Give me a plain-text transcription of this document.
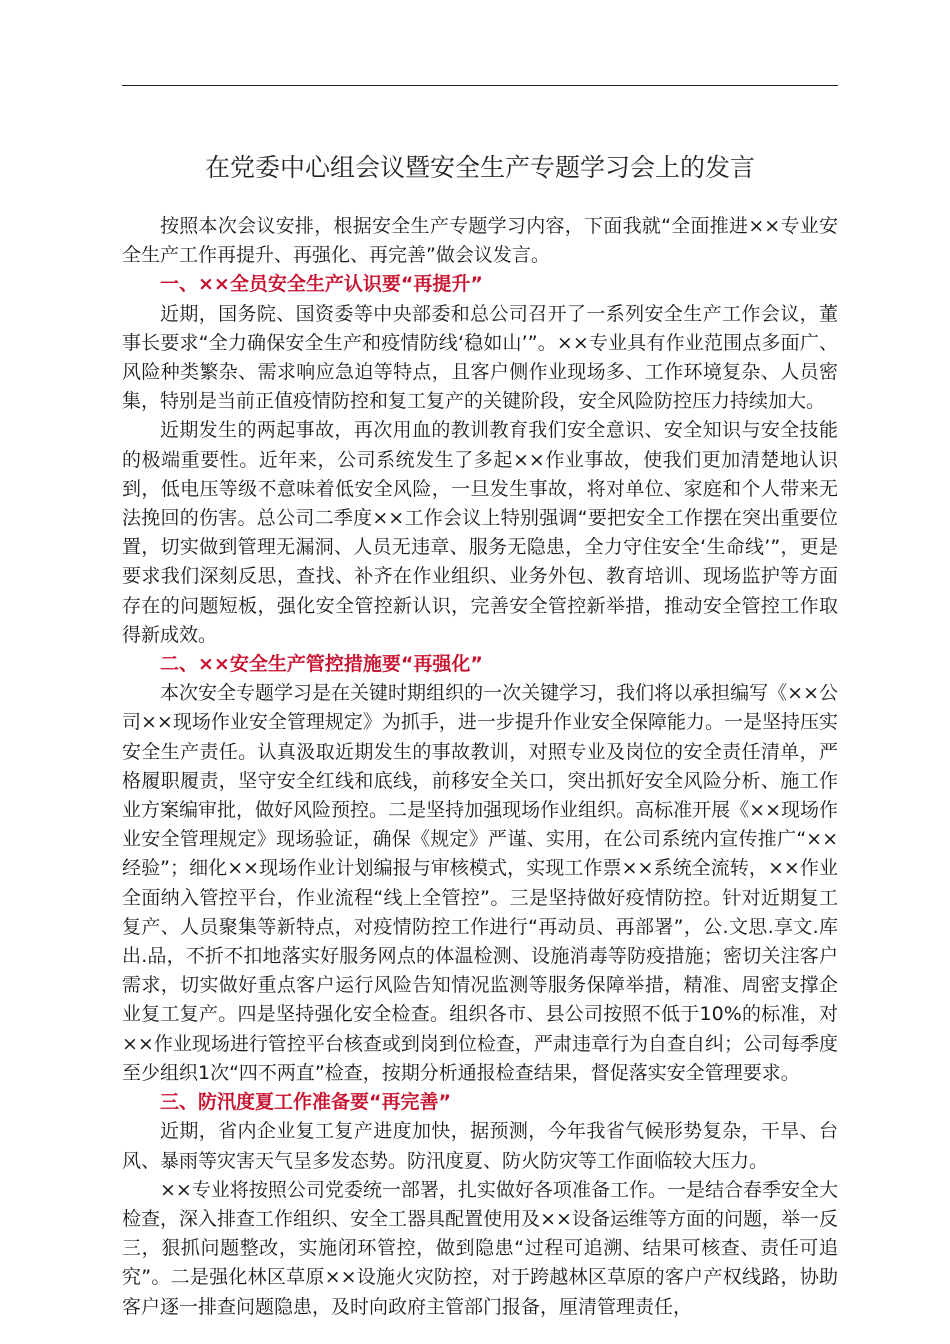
在党委中心组会议暨安全生产专题学习会上的发言

按照本次会议安排，根据安全生产专题学习内容，下面我就“全面推进××专业安全生产工作再提升、再强化、再完善”做会议发言。

一、××全员安全生产认识要“再提升”

近期，国务院、国资委等中央部委和总公司召开了一系列安全生产工作会议，董事长要求“全力确保安全生产和疫情防线‘稳如山’”。××专业具有作业范围点多面广、风险种类繁杂、需求响应急迫等特点，且客户侧作业现场多、工作环境复杂、人员密集，特别是当前正值疫情防控和复工复产的关键阶段，安全风险防控压力持续加大。

近期发生的两起事故，再次用血的教训教育我们安全意识、安全知识与安全技能的极端重要性。近年来，公司系统发生了多起××作业事故，使我们更加清楚地认识到，低电压等级不意味着低安全风险，一旦发生事故，将对单位、家庭和个人带来无法挽回的伤害。总公司二季度××工作会议上特别强调“要把安全工作摆在突出重要位置，切实做到管理无漏洞、人员无违章、服务无隐患，全力守住安全‘生命线’”，更是要求我们深刻反思，查找、补齐在作业组织、业务外包、教育培训、现场监护等方面存在的问题短板，强化安全管控新认识，完善安全管控新举措，推动安全管控工作取得新成效。

二、××安全生产管控措施要“再强化”

本次安全专题学习是在关键时期组织的一次关键学习，我们将以承担编写《××公司××现场作业安全管理规定》为抓手，进一步提升作业安全保障能力。一是坚持压实安全生产责任。认真汲取近期发生的事故教训，对照专业及岗位的安全责任清单，严格履职履责，坚守安全红线和底线，前移安全关口，突出抓好安全风险分析、施工作业方案编审批，做好风险预控。二是坚持加强现场作业组织。高标准开展《××现场作业安全管理规定》现场验证，确保《规定》严谨、实用，在公司系统内宣传推广“××经验”；细化××现场作业计划编报与审核模式，实现工作票××系统全流转，××作业全面纳入管控平台，作业流程“线上全管控”。三是坚持做好疫情防控。针对近期复工复产、人员聚集等新特点，对疫情防控工作进行“再动员、再部署”，公.文思.享文.库出.品，不折不扣地落实好服务网点的体温检测、设施消毒等防疫措施；密切关注客户需求，切实做好重点客户运行风险告知情况监测等服务保障举措，精准、周密支撑企业复工复产。四是坚持强化安全检查。组织各市、县公司按照不低于10%的标准，对××作业现场进行管控平台核查或到岗到位检查，严肃违章行为自查自纠；公司每季度至少组织1次“四不两直”检查，按期分析通报检查结果，督促落实安全管理要求。

三、防汛度夏工作准备要“再完善”

近期，省内企业复工复产进度加快，据预测，今年我省气候形势复杂，干旱、台风、暴雨等灾害天气呈多发态势。防汛度夏、防火防灾等工作面临较大压力。

××专业将按照公司党委统一部署，扎实做好各项准备工作。一是结合春季安全大检查，深入排查工作组织、安全工器具配置使用及××设备运维等方面的问题，举一反三，狠抓问题整改，实施闭环管控，做到隐患“过程可追溯、结果可核查、责任可追究”。二是强化林区草原××设施火灾防控，对于跨越林区草原的客户产权线路，协助客户逐一排查问题隐患，及时向政府主管部门报备，厘清管理责任，
